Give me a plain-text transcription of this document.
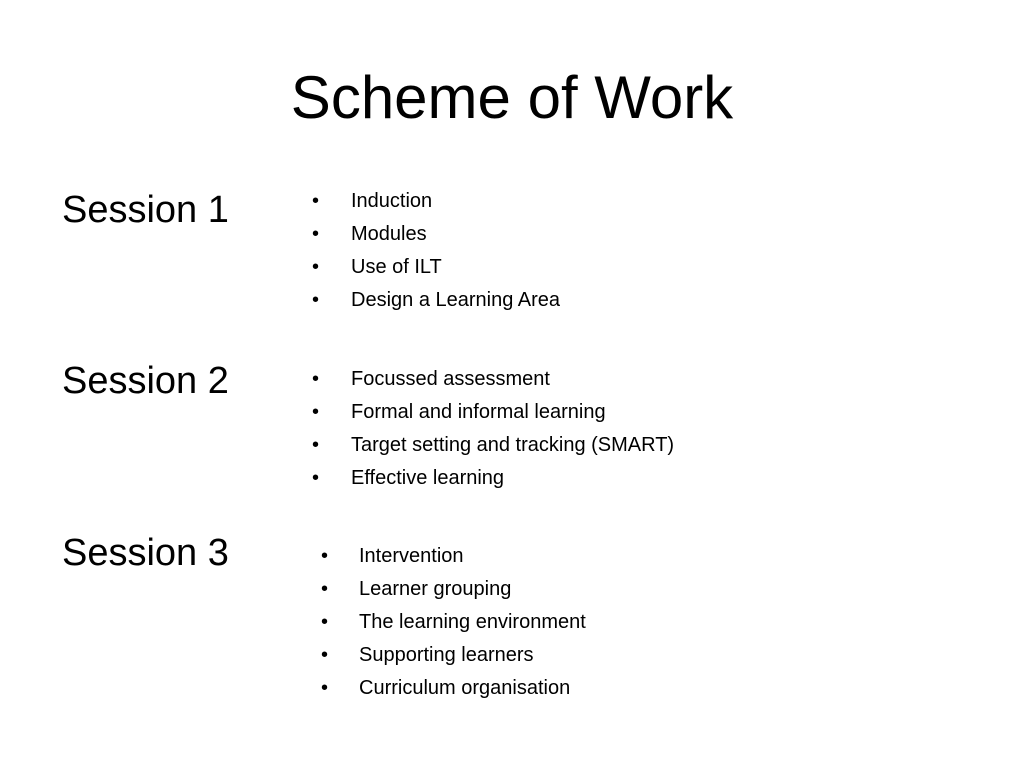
Scheme of Work
Session 1	• Induction
• Modules
• Use of ILT
• Design a Learning Area
Session 2	• Focussed assessment
• Formal and informal learning
• Target setting and tracking (SMART)
• Effective learning
Session 3	• Intervention
• Learner grouping
• The learning environment
• Supporting learners
• Curriculum organisation
